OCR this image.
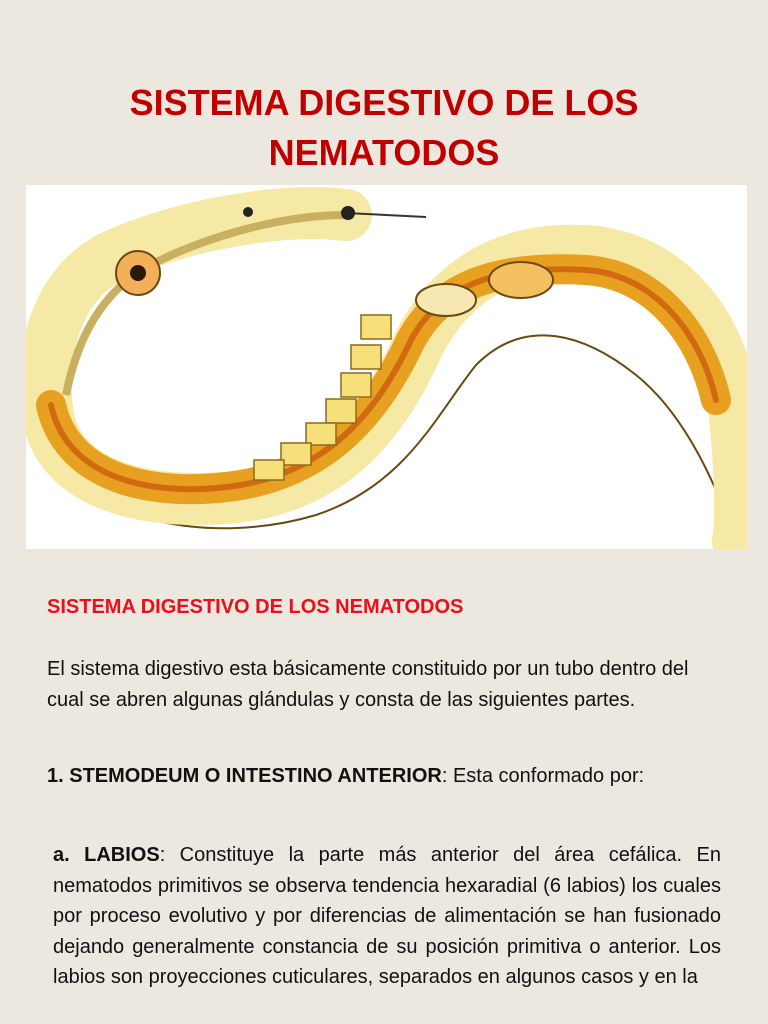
SISTEMA DIGESTIVO DE LOS NEMATODOS

SISTEMA DIGESTIVO DE LOS NEMATODOS

El sistema digestivo esta básicamente constituido por un tubo dentro del cual se abren algunas glándulas y consta de las siguientes partes.

1. STEMODEUM O INTESTINO ANTERIOR: Esta conformado por:

a. LABIOS: Constituye la parte más anterior del área cefálica. En nematodos primitivos se observa tendencia hexaradial (6 labios) los cuales por proceso evolutivo y por diferencias de alimentación se han fusionado dejando generalmente constancia de su posición primitiva o anterior. Los labios son proyecciones cuticulares, separados en algunos casos y en la
